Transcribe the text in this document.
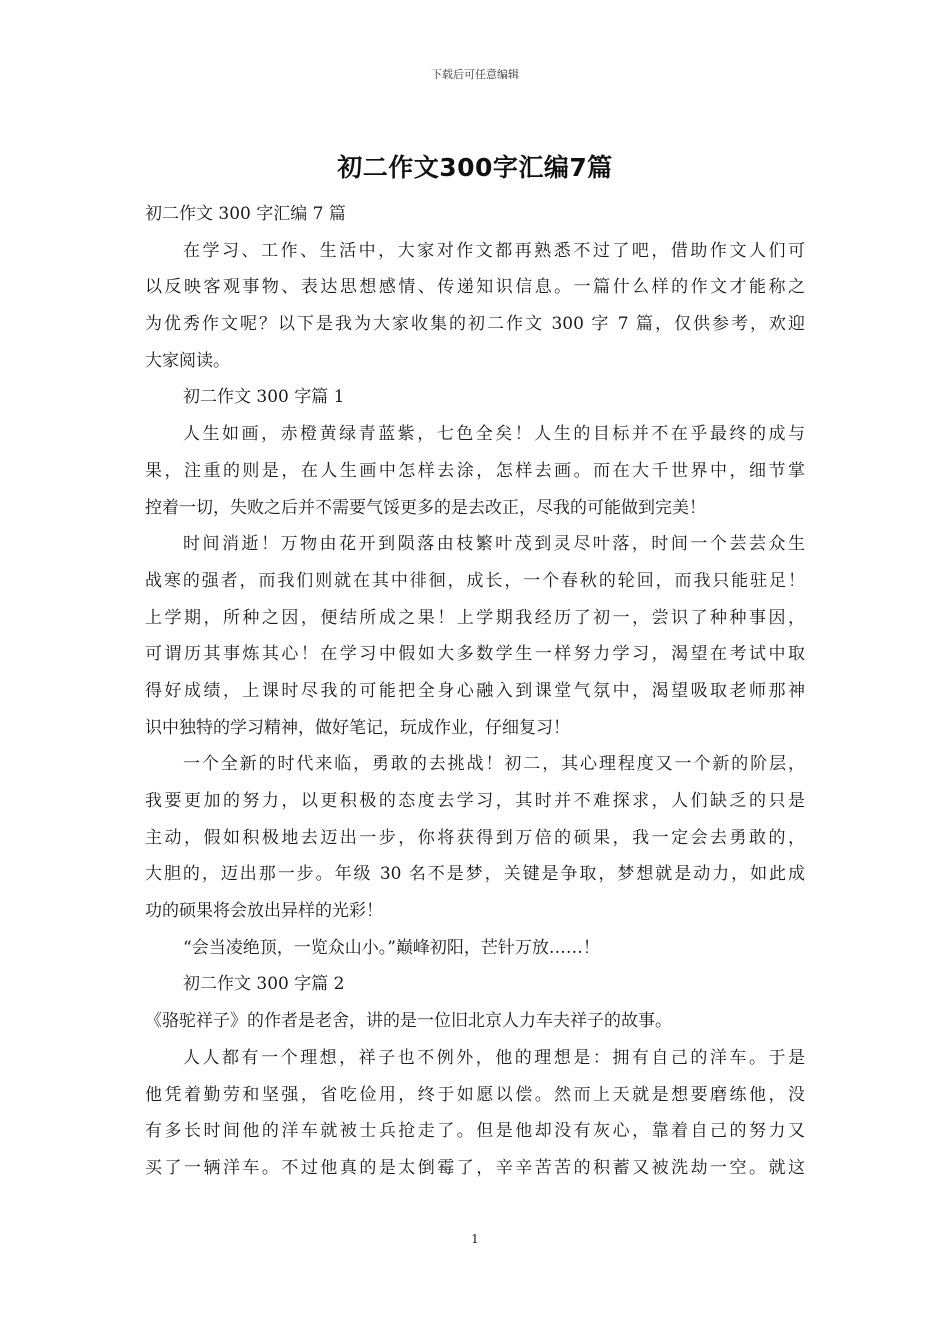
下载后可任意编辑
初二作文300字汇编7篇
初二作文 300 字汇编 7 篇
在学习、工作、生活中，大家对作文都再熟悉不过了吧，借助作文人们可
以反映客观事物、表达思想感情、传递知识信息。一篇什么样的作文才能称之
为优秀作文呢？以下是我为大家收集的初二作文 300 字 7 篇，仅供参考，欢迎
大家阅读。
初二作文 300 字篇 1
人生如画，赤橙黄绿青蓝紫，七色全矣！人生的目标并不在乎最终的成与
果，注重的则是，在人生画中怎样去涂，怎样去画。而在大千世界中，细节掌
控着一切，失败之后并不需要气馁更多的是去改正，尽我的可能做到完美！
时间消逝！万物由花开到陨落由枝繁叶茂到灵尽叶落，时间一个芸芸众生
战寒的强者，而我们则就在其中徘徊，成长，一个春秋的轮回，而我只能驻足！
上学期，所种之因，便结所成之果！上学期我经历了初一，尝识了种种事因，
可谓历其事炼其心！在学习中假如大多数学生一样努力学习，渴望在考试中取
得好成绩，上课时尽我的可能把全身心融入到课堂气氛中，渴望吸取老师那神
识中独特的学习精神，做好笔记，玩成作业，仔细复习！
一个全新的时代来临，勇敢的去挑战！初二，其心理程度又一个新的阶层，
我要更加的努力，以更积极的态度去学习，其时并不难探求，人们缺乏的只是
主动，假如积极地去迈出一步，你将获得到万倍的硕果，我一定会去勇敢的，
大胆的，迈出那一步。年级 30 名不是梦，关键是争取，梦想就是动力，如此成
功的硕果将会放出异样的光彩！
“会当凌绝顶，一览众山小。”巅峰初阳，芒针万放……！
初二作文 300 字篇 2
《骆驼祥子》的作者是老舍，讲的是一位旧北京人力车夫祥子的故事。
人人都有一个理想，祥子也不例外，他的理想是：拥有自己的洋车。于是
他凭着勤劳和坚强，省吃俭用，终于如愿以偿。然而上天就是想要磨练他，没
有多长时间他的洋车就被士兵抢走了。但是他却没有灰心，靠着自己的努力又
买了一辆洋车。不过他真的是太倒霉了，辛辛苦苦的积蓄又被洗劫一空。就这
1
